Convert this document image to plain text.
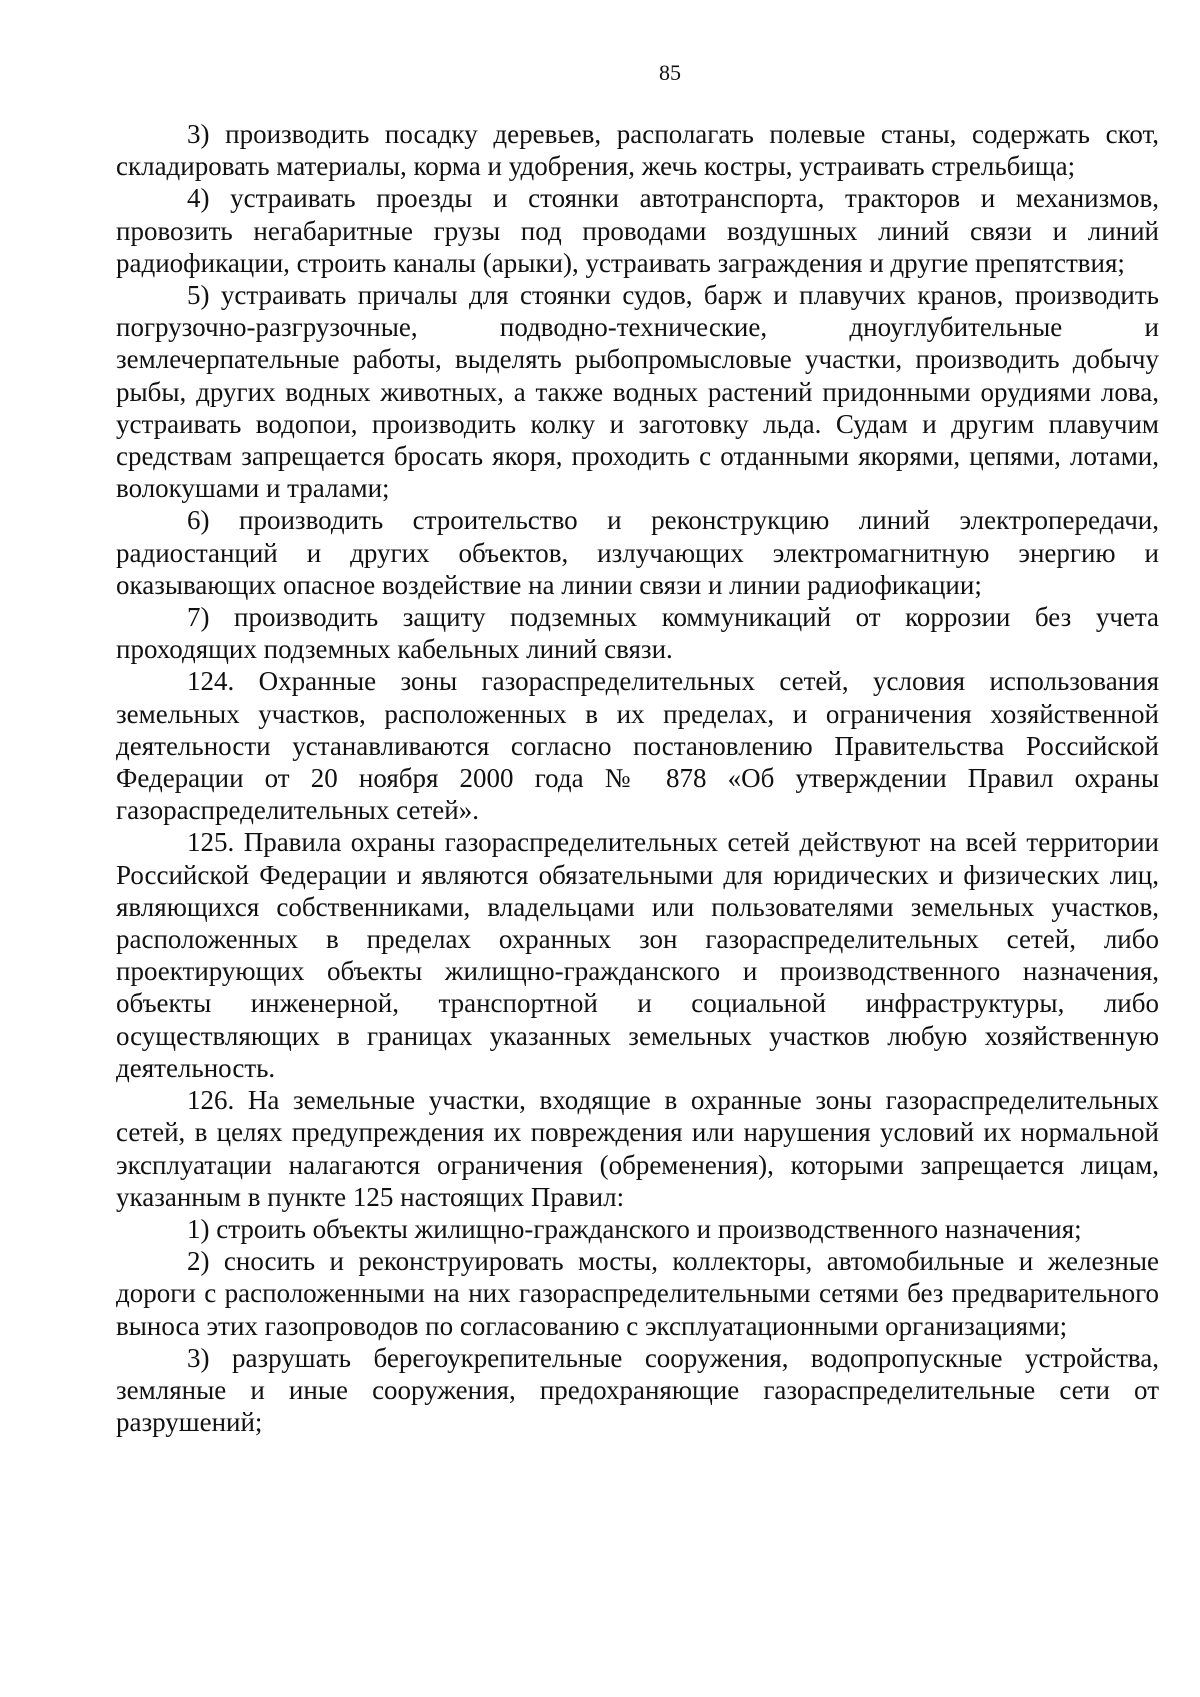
85

3) производить посадку деревьев, располагать полевые станы, содержать скот, складировать материалы, корма и удобрения, жечь костры, устраивать стрельбища;

4) устраивать проезды и стоянки автотранспорта, тракторов и механизмов, провозить негабаритные грузы под проводами воздушных линий связи и линий радиофикации, строить каналы (арыки), устраивать заграждения и другие препятствия;

5) устраивать причалы для стоянки судов, барж и плавучих кранов, производить погрузочно-разгрузочные, подводно-технические, дноуглубительные и землечерпательные работы, выделять рыбопромысловые участки, производить добычу рыбы, других водных животных, а также водных растений придонными орудиями лова, устраивать водопои, производить колку и заготовку льда. Судам и другим плавучим средствам запрещается бросать якоря, проходить с отданными якорями, цепями, лотами, волокушами и тралами;

6) производить строительство и реконструкцию линий электропередачи, радиостанций и других объектов, излучающих электромагнитную энергию и оказывающих опасное воздействие на линии связи и линии радиофикации;

7) производить защиту подземных коммуникаций от коррозии без учета проходящих подземных кабельных линий связи.

124. Охранные зоны газораспределительных сетей, условия использования земельных участков, расположенных в их пределах, и ограничения хозяйственной деятельности устанавливаются согласно постановлению Правительства Российской Федерации от 20 ноября 2000 года № 878 «Об утверждении Правил охраны газораспределительных сетей».

125. Правила охраны газораспределительных сетей действуют на всей территории Российской Федерации и являются обязательными для юридических и физических лиц, являющихся собственниками, владельцами или пользователями земельных участков, расположенных в пределах охранных зон газораспределительных сетей, либо проектирующих объекты жилищно-гражданского и производственного назначения, объекты инженерной, транспортной и социальной инфраструктуры, либо осуществляющих в границах указанных земельных участков любую хозяйственную деятельность.

126. На земельные участки, входящие в охранные зоны газораспределительных сетей, в целях предупреждения их повреждения или нарушения условий их нормальной эксплуатации налагаются ограничения (обременения), которыми запрещается лицам, указанным в пункте 125 настоящих Правил:

1) строить объекты жилищно-гражданского и производственного назначения;

2) сносить и реконструировать мосты, коллекторы, автомобильные и железные дороги с расположенными на них газораспределительными сетями без предварительного выноса этих газопроводов по согласованию с эксплуатационными организациями;

3) разрушать берегоукрепительные сооружения, водопропускные устройства, земляные и иные сооружения, предохраняющие газораспределительные сети от разрушений;
